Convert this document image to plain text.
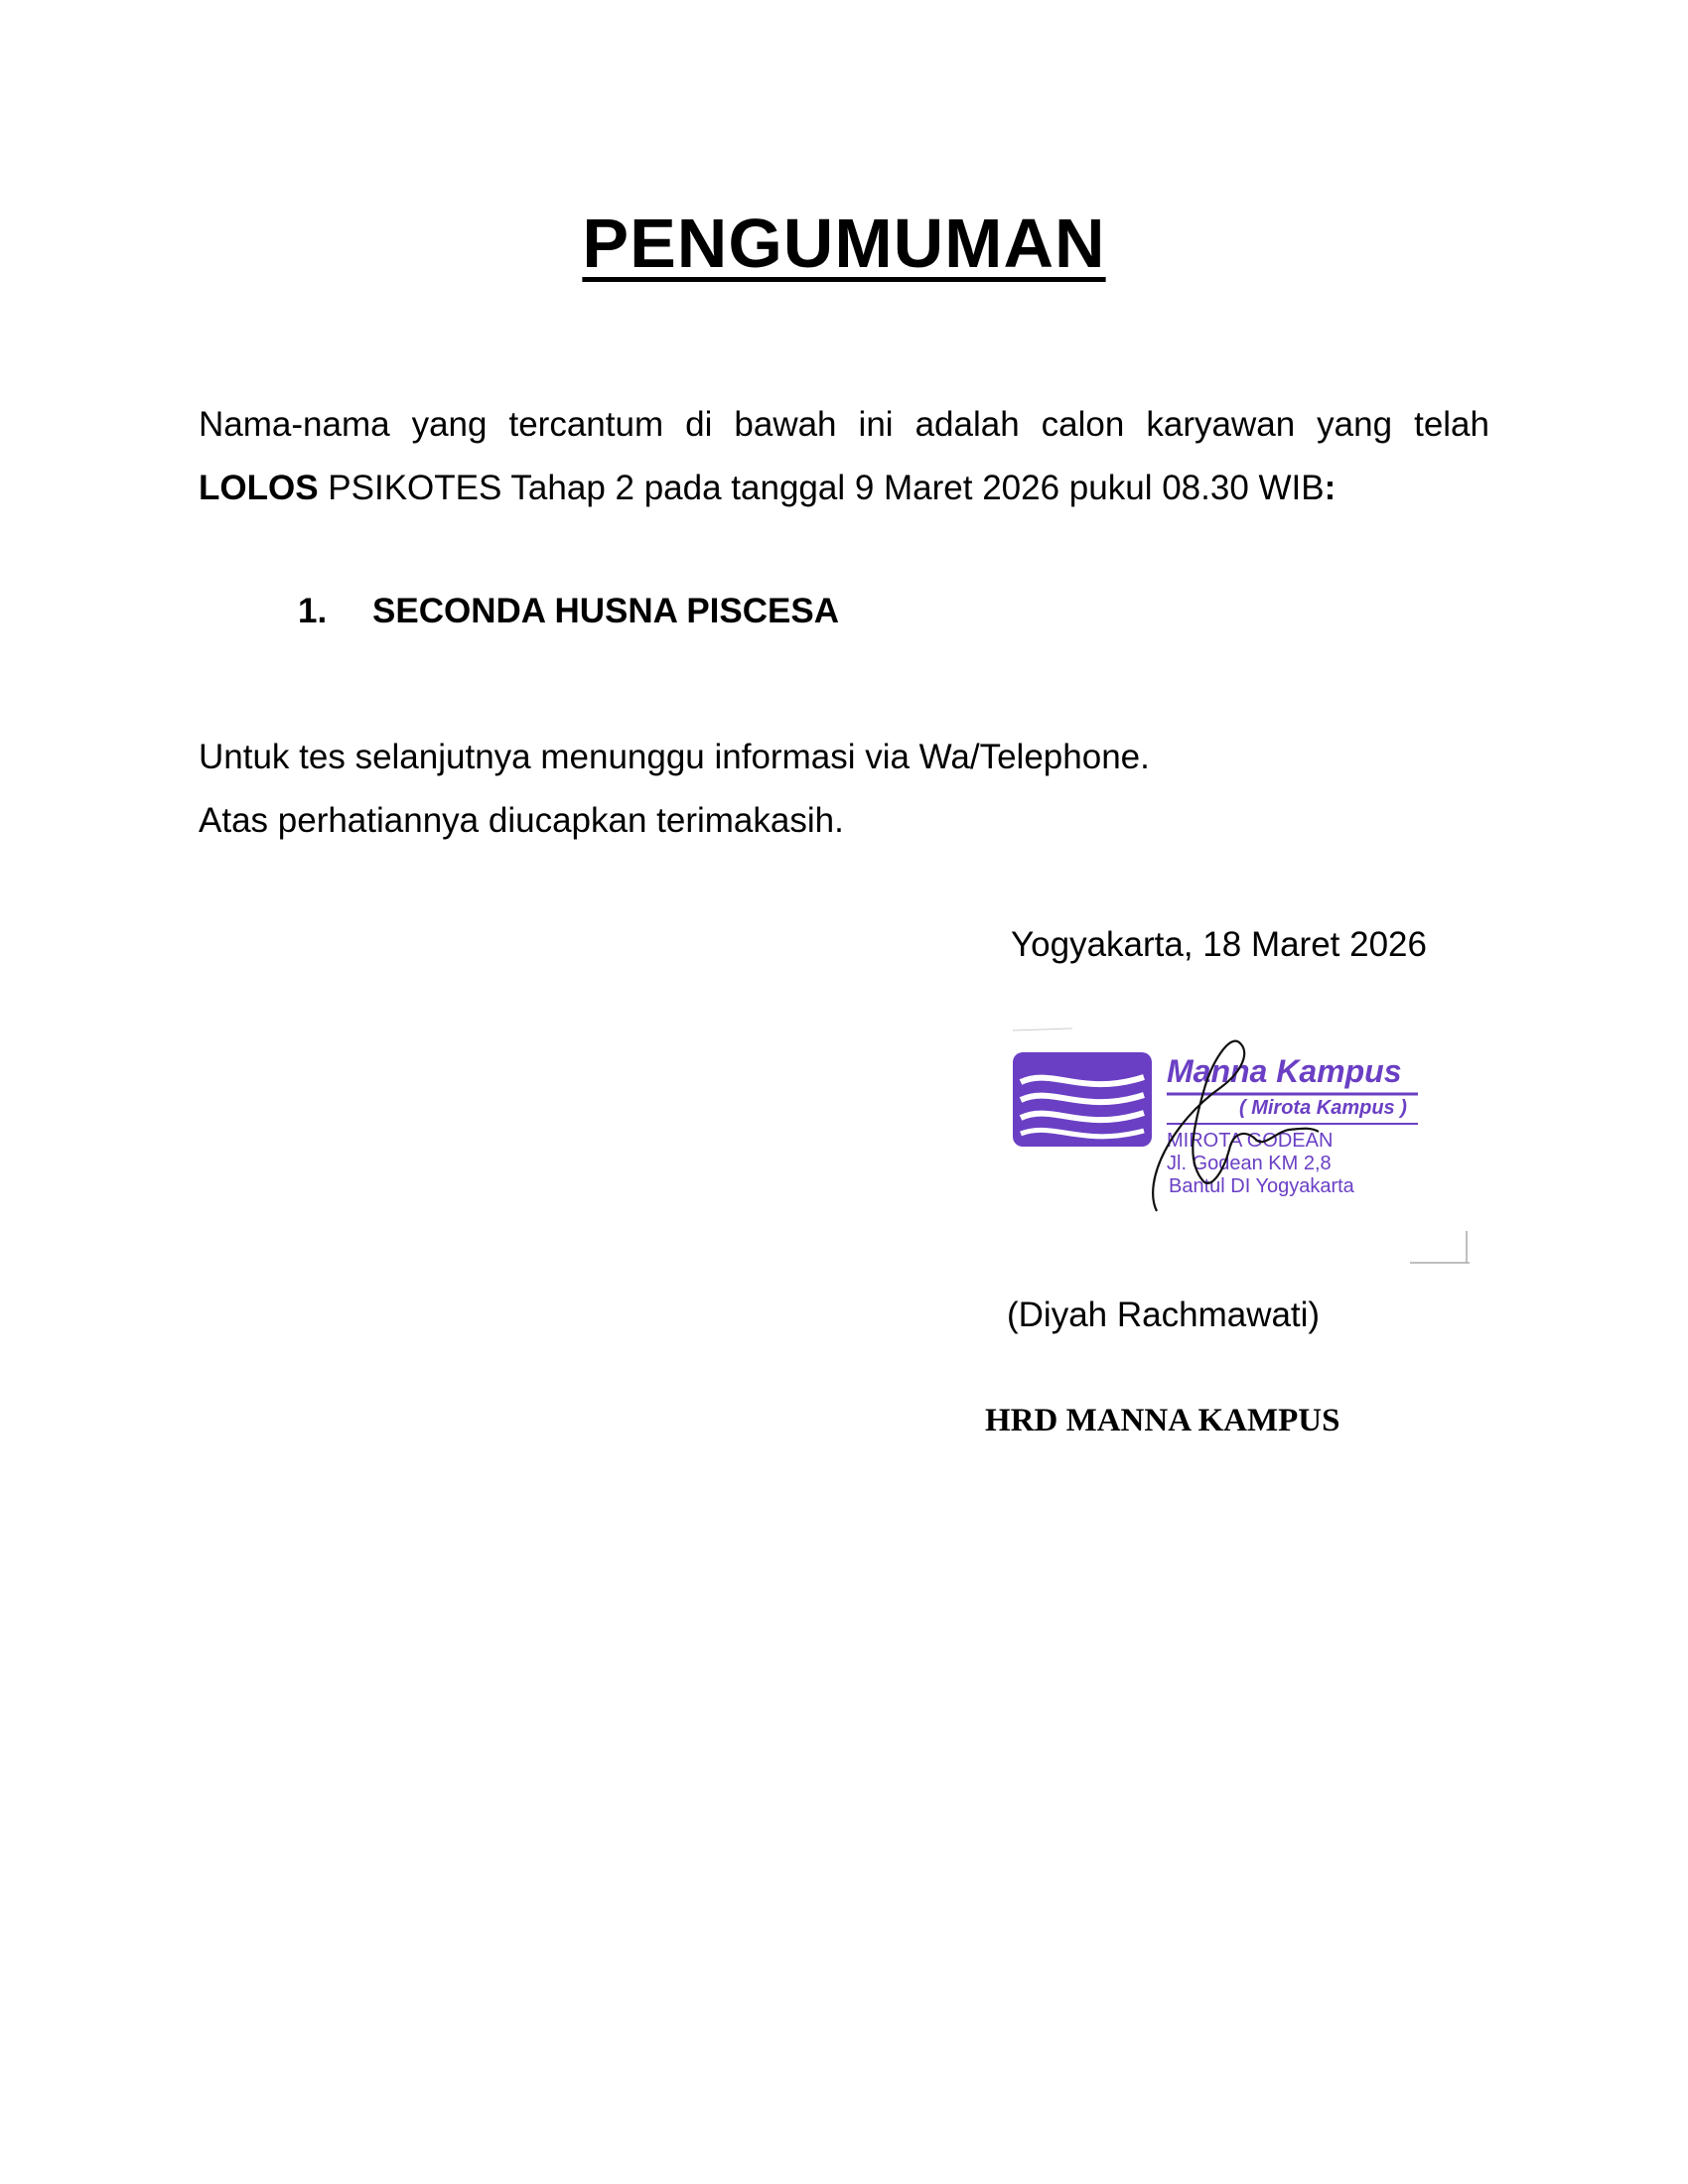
PENGUMUMAN
Nama-nama yang tercantum di bawah ini adalah calon karyawan yang telah LOLOS PSIKOTES Tahap 2 pada tanggal 9 Maret 2026 pukul 08.30 WIB:
1. SECONDA HUSNA PISCESA
Untuk tes selanjutnya menunggu informasi via Wa/Telephone.
Atas perhatiannya diucapkan terimakasih.
Yogyakarta, 18 Maret 2026
Manna Kampus
( Mirota Kampus )
MIROTA GODEAN
Jl. Godean KM 2,8
Bantul DI Yogyakarta
(Diyah Rachmawati)
HRD MANNA KAMPUS
